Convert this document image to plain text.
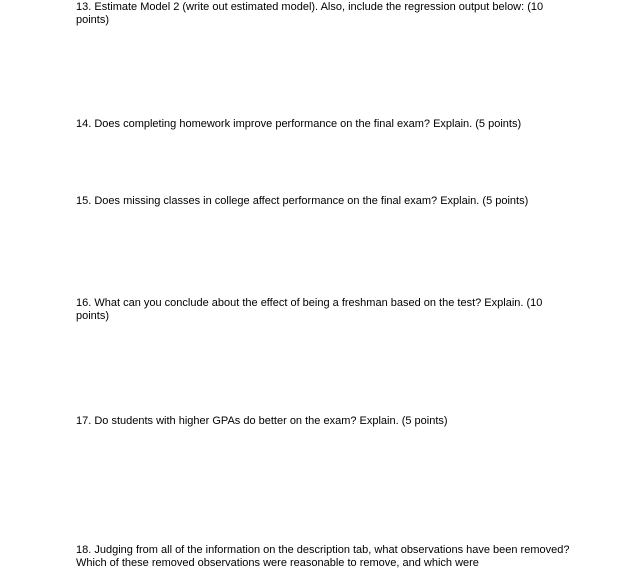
13. Estimate Model 2 (write out estimated model). Also, include the regression output below: (10 points)

14. Does completing homework improve performance on the final exam? Explain. (5 points)

15. Does missing classes in college affect performance on the final exam? Explain. (5 points)

16. What can you conclude about the effect of being a freshman based on the test? Explain. (10 points)

17. Do students with higher GPAs do better on the exam? Explain. (5 points)

18. Judging from all of the information on the description tab, what observations have been removed? Which of these removed observations were reasonable to remove, and which were
